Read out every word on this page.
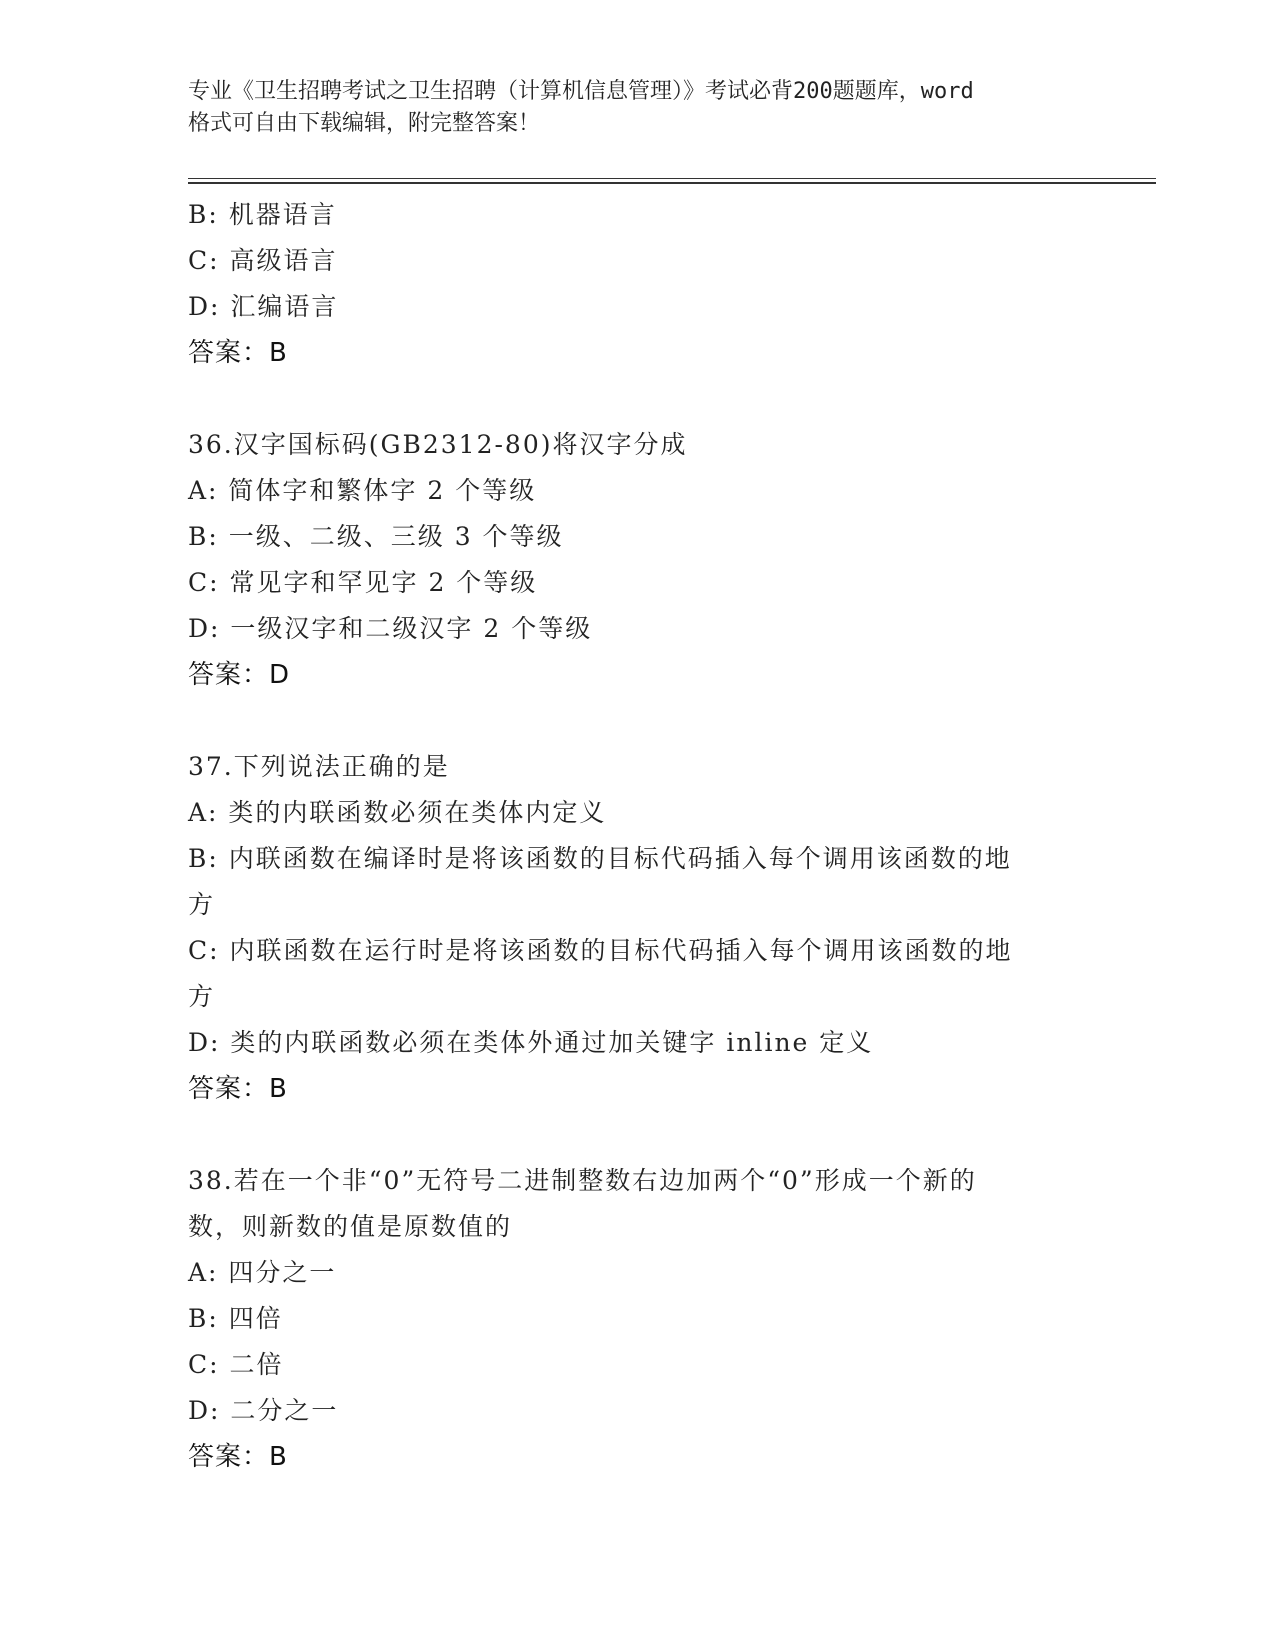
专业《卫生招聘考试之卫生招聘（计算机信息管理）》考试必背200题题库，word
格式可自由下载编辑，附完整答案！
B: 机器语言
C: 高级语言
D: 汇编语言
答案：B
36.汉字国标码(GB2312-80)将汉字分成
A: 简体字和繁体字 2 个等级
B: 一级、二级、三级 3 个等级
C: 常见字和罕见字 2 个等级
D: 一级汉字和二级汉字 2 个等级
答案：D
37.下列说法正确的是
A: 类的内联函数必须在类体内定义
B: 内联函数在编译时是将该函数的目标代码插入每个调用该函数的地
方
C: 内联函数在运行时是将该函数的目标代码插入每个调用该函数的地
方
D: 类的内联函数必须在类体外通过加关键字 inline 定义
答案：B
38.若在一个非“0”无符号二进制整数右边加两个“0”形成一个新的
数，则新数的值是原数值的
A: 四分之一
B: 四倍
C: 二倍
D: 二分之一
答案：B
